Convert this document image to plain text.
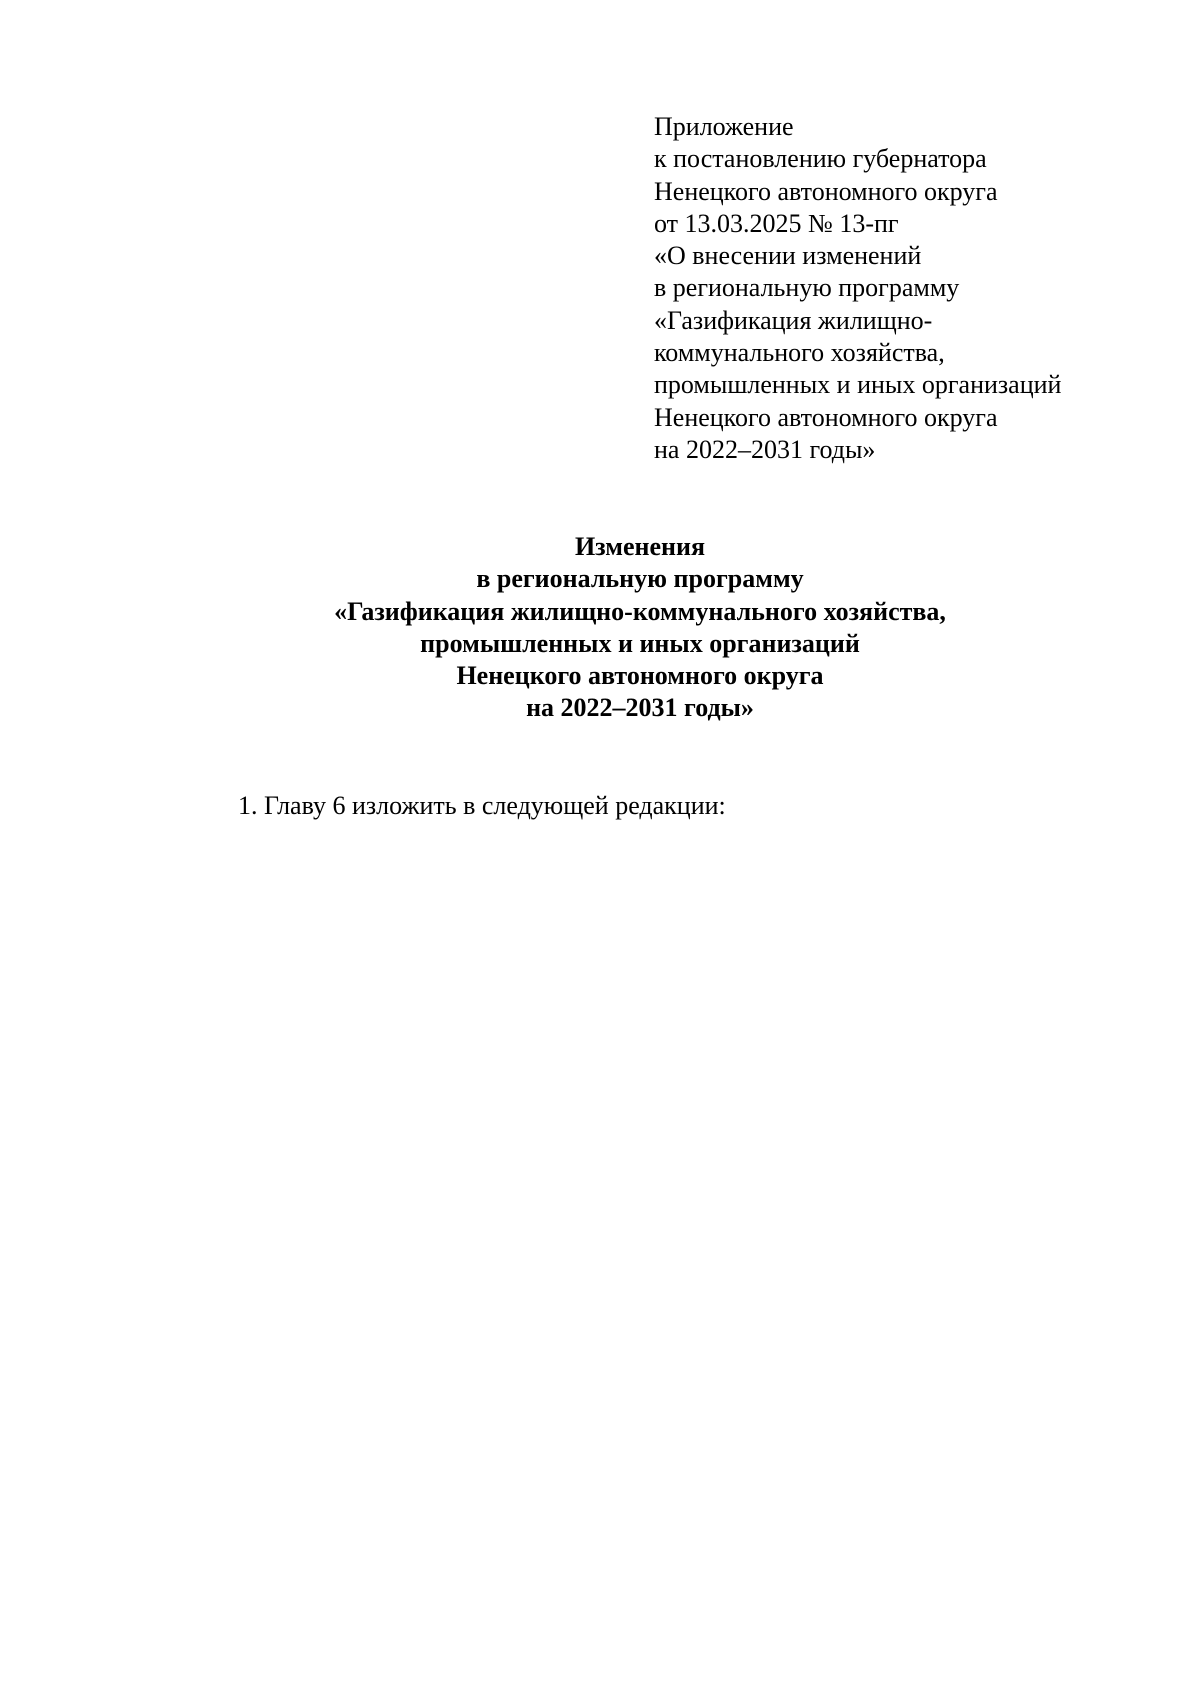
Приложение
к постановлению губернатора
Ненецкого автономного округа
от 13.03.2025 № 13-пг
«О внесении изменений
в региональную программу
«Газификация жилищно-
коммунального хозяйства,
промышленных и иных организаций
Ненецкого автономного округа
на 2022–2031 годы»
Изменения
в региональную программу
«Газификация жилищно-коммунального хозяйства,
промышленных и иных организаций
Ненецкого автономного округа
на 2022–2031 годы»

1. Главу 6 изложить в следующей редакции:
